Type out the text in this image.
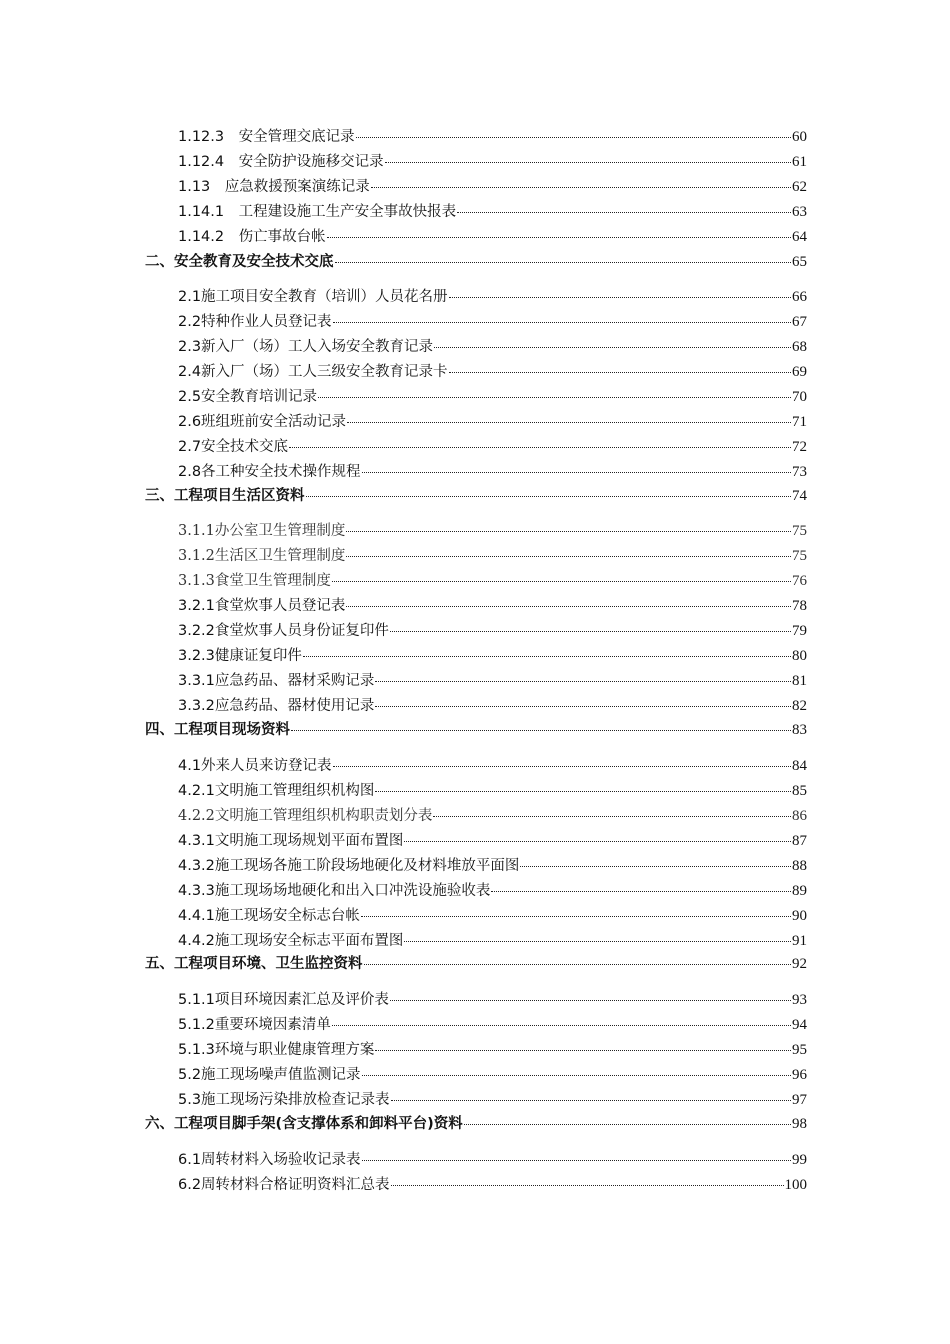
1.12.3　安全管理交底记录	60
1.12.4　安全防护设施移交记录	61
1.13　应急救援预案演练记录	62
1.14.1　工程建设施工生产安全事故快报表	63
1.14.2　伤亡事故台帐	64
二、安全教育及安全技术交底	65
2.1施工项目安全教育（培训）人员花名册	66
2.2特种作业人员登记表	67
2.3新入厂（场）工人入场安全教育记录	68
2.4新入厂（场）工人三级安全教育记录卡	69
2.5安全教育培训记录	70
2.6班组班前安全活动记录	71
2.7安全技术交底	72
2.8各工种安全技术操作规程	73
三、工程项目生活区资料	74
3.1.1办公室卫生管理制度	75
3.1.2生活区卫生管理制度	75
3.1.3食堂卫生管理制度	76
3.2.1食堂炊事人员登记表	78
3.2.2食堂炊事人员身份证复印件	79
3.2.3健康证复印件	80
3.3.1应急药品、器材采购记录	81
3.3.2应急药品、器材使用记录	82
四、工程项目现场资料	83
4.1外来人员来访登记表	84
4.2.1文明施工管理组织机构图	85
4.2.2文明施工管理组织机构职责划分表	86
4.3.1文明施工现场规划平面布置图	87
4.3.2施工现场各施工阶段场地硬化及材料堆放平面图	88
4.3.3施工现场场地硬化和出入口冲洗设施验收表	89
4.4.1施工现场安全标志台帐	90
4.4.2施工现场安全标志平面布置图	91
五、工程项目环境、卫生监控资料	92
5.1.1项目环境因素汇总及评价表	93
5.1.2重要环境因素清单	94
5.1.3环境与职业健康管理方案	95
5.2施工现场噪声值监测记录	96
5.3施工现场污染排放检查记录表	97
六、工程项目脚手架(含支撑体系和卸料平台)资料	98
6.1周转材料入场验收记录表	99
6.2周转材料合格证明资料汇总表	100
